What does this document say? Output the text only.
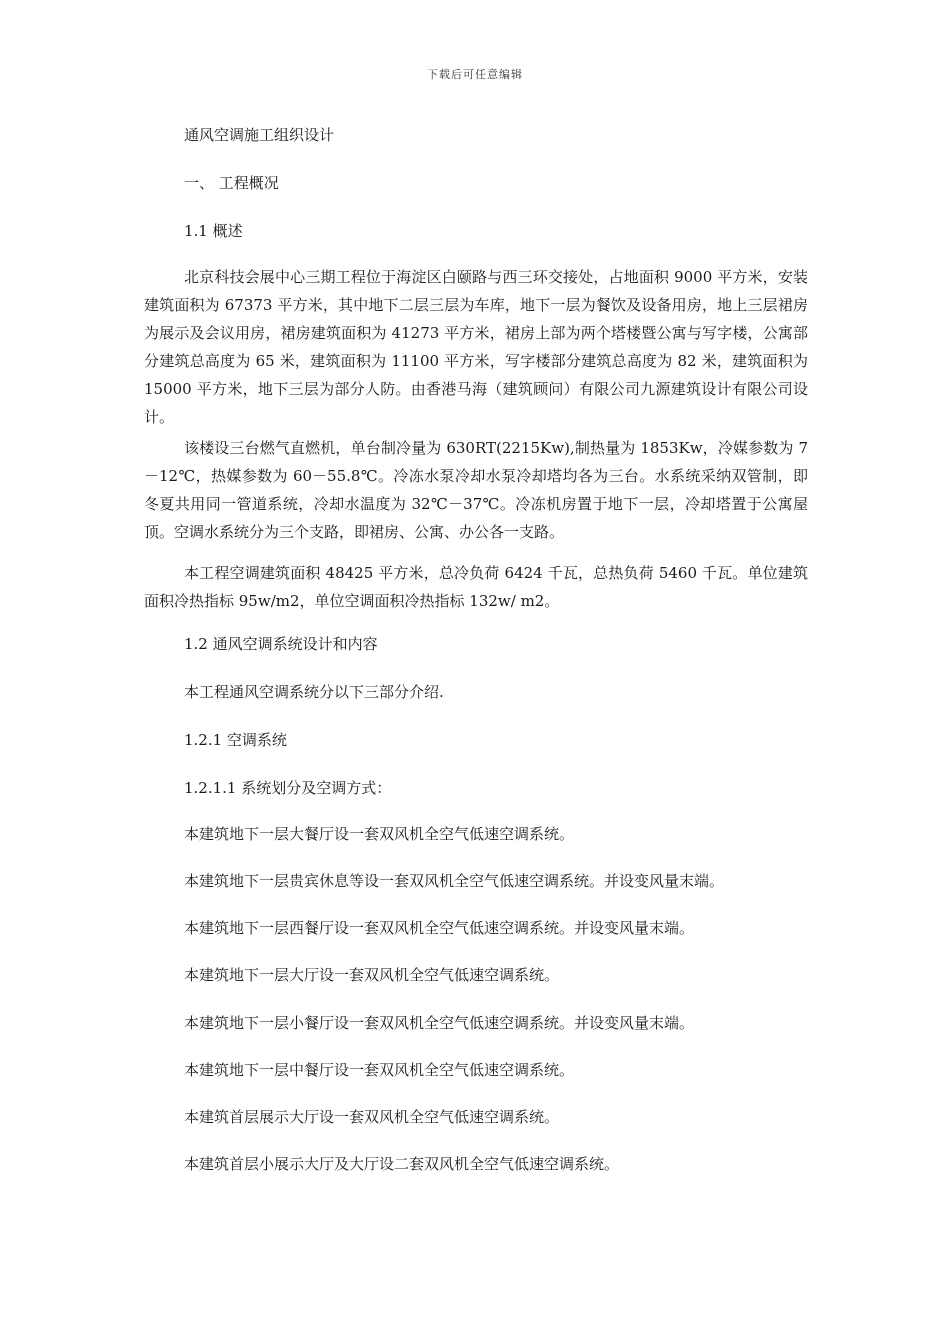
下载后可任意编辑
通风空调施工组织设计
一、 工程概况
1.1 概述
北京科技会展中心三期工程位于海淀区白颐路与西三环交接处，占地面积 9000 平方米，安装建筑面积为 67373 平方米，其中地下二层三层为车库，地下一层为餐饮及设备用房，地上三层裙房为展示及会议用房，裙房建筑面积为 41273 平方米，裙房上部为两个塔楼暨公寓与写字楼，公寓部分建筑总高度为 65 米，建筑面积为 11100 平方米，写字楼部分建筑总高度为 82 米，建筑面积为 15000 平方米，地下三层为部分人防。由香港马海（建筑顾问）有限公司九源建筑设计有限公司设计。
该楼设三台燃气直燃机，单台制冷量为 630RT(2215Kw),制热量为 1853Kw，冷媒参数为 7－12℃，热媒参数为 60－55.8℃。冷冻水泵冷却水泵冷却塔均各为三台。水系统采纳双管制，即冬夏共用同一管道系统，冷却水温度为 32℃－37℃。冷冻机房置于地下一层，冷却塔置于公寓屋顶。空调水系统分为三个支路，即裙房、公寓、办公各一支路。
本工程空调建筑面积 48425 平方米，总冷负荷 6424 千瓦，总热负荷 5460 千瓦。单位建筑面积冷热指标 95w/m2，单位空调面积冷热指标 132w/ m2。
1.2 通风空调系统设计和内容
本工程通风空调系统分以下三部分介绍.
1.2.1 空调系统
1.2.1.1 系统划分及空调方式：
本建筑地下一层大餐厅设一套双风机全空气低速空调系统。
本建筑地下一层贵宾休息等设一套双风机全空气低速空调系统。并设变风量末端。
本建筑地下一层西餐厅设一套双风机全空气低速空调系统。并设变风量末端。
本建筑地下一层大厅设一套双风机全空气低速空调系统。
本建筑地下一层小餐厅设一套双风机全空气低速空调系统。并设变风量末端。
本建筑地下一层中餐厅设一套双风机全空气低速空调系统。
本建筑首层展示大厅设一套双风机全空气低速空调系统。
本建筑首层小展示大厅及大厅设二套双风机全空气低速空调系统。
